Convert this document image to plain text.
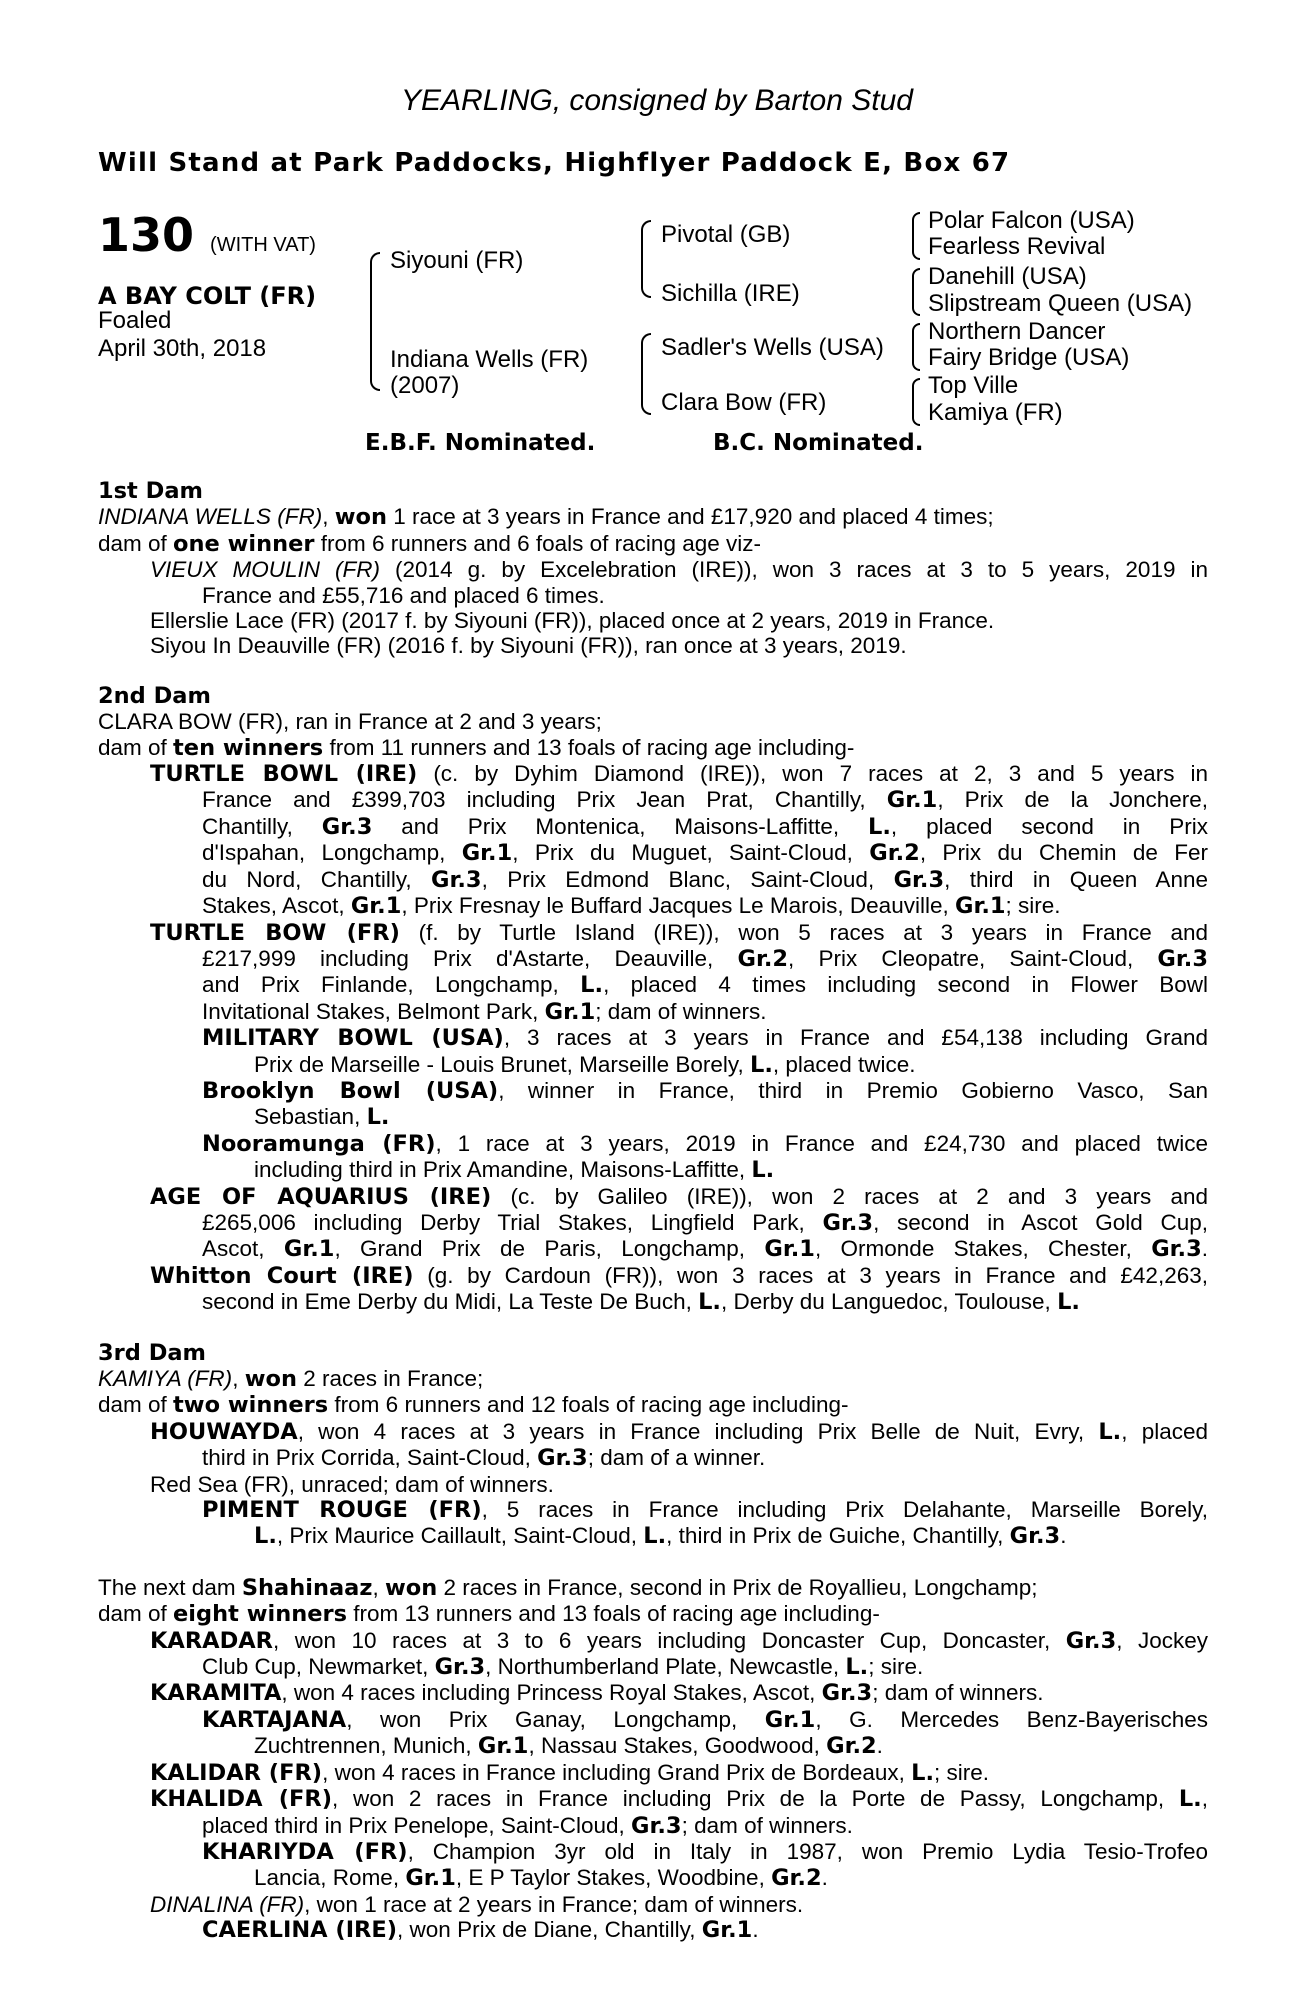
YEARLING, consigned by Barton Stud
Will Stand at Park Paddocks, Highflyer Paddock E, Box 67
130 (WITH VAT)
A BAY COLT (FR)
Foaled
April 30th, 2018
Siyouni (FR)
Indiana Wells (FR)
(2007)
Pivotal (GB)
Sichilla (IRE)
Sadler's Wells (USA)
Clara Bow (FR)
Polar Falcon (USA)
Fearless Revival
Danehill (USA)
Slipstream Queen (USA)
Northern Dancer
Fairy Bridge (USA)
Top Ville
Kamiya (FR)
E.B.F. Nominated.	B.C. Nominated.
1st Dam
INDIANA WELLS (FR), won 1 race at 3 years in France and £17,920 and placed 4 times;
dam of one winner from 6 runners and 6 foals of racing age viz-
VIEUX MOULIN (FR) (2014 g. by Excelebration (IRE)), won 3 races at 3 to 5 years, 2019 in
France and £55,716 and placed 6 times.
Ellerslie Lace (FR) (2017 f. by Siyouni (FR)), placed once at 2 years, 2019 in France.
Siyou In Deauville (FR) (2016 f. by Siyouni (FR)), ran once at 3 years, 2019.
2nd Dam
CLARA BOW (FR), ran in France at 2 and 3 years;
dam of ten winners from 11 runners and 13 foals of racing age including-
TURTLE BOWL (IRE) (c. by Dyhim Diamond (IRE)), won 7 races at 2, 3 and 5 years in
France and £399,703 including Prix Jean Prat, Chantilly, Gr.1, Prix de la Jonchere,
Chantilly, Gr.3 and Prix Montenica, Maisons-Laffitte, L., placed second in Prix
d'Ispahan, Longchamp, Gr.1, Prix du Muguet, Saint-Cloud, Gr.2, Prix du Chemin de Fer
du Nord, Chantilly, Gr.3, Prix Edmond Blanc, Saint-Cloud, Gr.3, third in Queen Anne
Stakes, Ascot, Gr.1, Prix Fresnay le Buffard Jacques Le Marois, Deauville, Gr.1; sire.
TURTLE BOW (FR) (f. by Turtle Island (IRE)), won 5 races at 3 years in France and
£217,999 including Prix d'Astarte, Deauville, Gr.2, Prix Cleopatre, Saint-Cloud, Gr.3
and Prix Finlande, Longchamp, L., placed 4 times including second in Flower Bowl
Invitational Stakes, Belmont Park, Gr.1; dam of winners.
MILITARY BOWL (USA), 3 races at 3 years in France and £54,138 including Grand
Prix de Marseille - Louis Brunet, Marseille Borely, L., placed twice.
Brooklyn Bowl (USA), winner in France, third in Premio Gobierno Vasco, San
Sebastian, L.
Nooramunga (FR), 1 race at 3 years, 2019 in France and £24,730 and placed twice
including third in Prix Amandine, Maisons-Laffitte, L.
AGE OF AQUARIUS (IRE) (c. by Galileo (IRE)), won 2 races at 2 and 3 years and
£265,006 including Derby Trial Stakes, Lingfield Park, Gr.3, second in Ascot Gold Cup,
Ascot, Gr.1, Grand Prix de Paris, Longchamp, Gr.1, Ormonde Stakes, Chester, Gr.3.
Whitton Court (IRE) (g. by Cardoun (FR)), won 3 races at 3 years in France and £42,263,
second in Eme Derby du Midi, La Teste De Buch, L., Derby du Languedoc, Toulouse, L.
3rd Dam
KAMIYA (FR), won 2 races in France;
dam of two winners from 6 runners and 12 foals of racing age including-
HOUWAYDA, won 4 races at 3 years in France including Prix Belle de Nuit, Evry, L., placed
third in Prix Corrida, Saint-Cloud, Gr.3; dam of a winner.
Red Sea (FR), unraced; dam of winners.
PIMENT ROUGE (FR), 5 races in France including Prix Delahante, Marseille Borely,
L., Prix Maurice Caillault, Saint-Cloud, L., third in Prix de Guiche, Chantilly, Gr.3.
The next dam Shahinaaz, won 2 races in France, second in Prix de Royallieu, Longchamp;
dam of eight winners from 13 runners and 13 foals of racing age including-
KARADAR, won 10 races at 3 to 6 years including Doncaster Cup, Doncaster, Gr.3, Jockey
Club Cup, Newmarket, Gr.3, Northumberland Plate, Newcastle, L.; sire.
KARAMITA, won 4 races including Princess Royal Stakes, Ascot, Gr.3; dam of winners.
KARTAJANA, won Prix Ganay, Longchamp, Gr.1, G. Mercedes Benz-Bayerisches
Zuchtrennen, Munich, Gr.1, Nassau Stakes, Goodwood, Gr.2.
KALIDAR (FR), won 4 races in France including Grand Prix de Bordeaux, L.; sire.
KHALIDA (FR), won 2 races in France including Prix de la Porte de Passy, Longchamp, L.,
placed third in Prix Penelope, Saint-Cloud, Gr.3; dam of winners.
KHARIYDA (FR), Champion 3yr old in Italy in 1987, won Premio Lydia Tesio-Trofeo
Lancia, Rome, Gr.1, E P Taylor Stakes, Woodbine, Gr.2.
DINALINA (FR), won 1 race at 2 years in France; dam of winners.
CAERLINA (IRE), won Prix de Diane, Chantilly, Gr.1.
